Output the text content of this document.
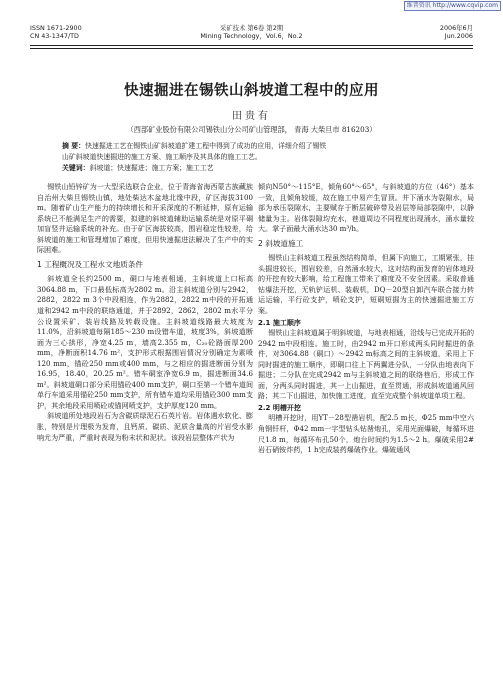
维普资讯 http://www.cqvip.com
ISSN 1671-2900
CN 43-1347/TD
采矿技术 第6卷 第2期
Mining Technology，Vol.6，No.2
2006年6月
Jun.2006
快速掘进在锡铁山斜坡道工程中的应用
田贵有
（西部矿业股份有限公司锡铁山分公司矿山管理部， 青海 大柴旦市 816203）
摘 要：快速掘进工艺在锡铁山矿斜坡道扩建工程中得到了成功的应用，详细介绍了锡铁
山矿斜坡道快速掘进的施工方案、施工顺序及其具体的施工工艺。
关键词：斜坡道；快速掘进；施工方案；施工工艺

锡铁山铅锌矿为一大型采选联合企业，位于青海省海西蒙古族藏族自治州大柴旦锡铁山镇，地处柴达木盆地北缘中段，矿区海拔3100 m。随着矿山生产能力的持续增长和开采深度的不断延伸，原有运输系统已不能满足生产的需要，拟建的斜坡道辅助运输系统是对原平硐加盲竖井运输系统的补充。由于矿区海拔较高，围岩稳定性较差，给斜坡道的施工和管理增加了难度，但用快速掘进法解决了生产中的实际困难。

1 工程概况及工程水文地质条件

斜坡道全长约2500 m，硐口与地表相通，主斜坡道上口标高3064.88 m，下口最低标高为2802 m。沿主斜坡道分别与2942，2882，2822 m 3个中段相连，作为2882，2822 m中段的开拓通道和2942 m中段的联络通道，并于2892，2862，2802 m水平分公设置采矿、装岩线路及转载设施。主斜坡道线路最大坡度为11.0%，沿斜坡道每隔185～230 m设错车道，坡度3%，斜坡道断面为三心拱形，净宽4.25 m，墙高2.355 m，C₂₀砼路面厚200 mm，净断面积14.76 m²，支护形式根据围岩情况分别确定为素喷120 mm，锚砼250 mm或400 mm，与之相应的掘进断面分别为16.95，18.40，20.25 m²。错车硐室净宽6.9 m，掘进断面34.6 m²。斜坡道硐口部分采用锚砼400 mm支护，硐口至第一个错车道间单行车道采用锚砼250 mm支护，所有错车道均采用锚砼300 mm支护，其余地段采用喷砼或锚网喷支护，支护厚度120 mm。

斜坡道所处地段岩石为含碳质绿泥石石英片岩。岩体遇水软化、膨胀，特别是片理极为发育，且钙质、碳质、泥质含量高的片岩受水影响尤为严重，严重时表现为粉末状和泥状。该段岩层整体产状为

倾向N50°～115°E，倾角60°～65°，与斜坡道的方位（46°）基本一致，且倾角较缓，故在施工中易产生冒顶。井下涌水为裂隙水，局部为承压裂隙水，主要赋存于断层破碎带及岩层等局部裂隙中，以静储量为主。岩体裂隙均充水，巷道周边不同程度出现涌水，涌水量较大。掌子面最大涌水达30 m³/h。

2 斜坡道施工

锡铁山主斜坡道工程虽然结构简单，但属下向施工，工期紧张，挂头掘进较长，围岩较差，自然涌水较大，这对结构面发育的岩体地段的开挖有较大影响，给工程施工带来了难度及不安全因素。采取普通钻爆法开挖，无轨铲运机、装载机，DQ－20型自卸汽车联合接力转运运输，平行砼支护，喷砼支护，短硐短掘为主的快速掘进施工方案。

2.1 施工顺序

锡铁山主斜坡道属于明斜坡道，与地表相通，沿线与已完成开拓的2942 m中段相连。施工时，由2942 m开口形成两头同时掘进的条件，对3064.88（硐口）～2942 m标高之间的主斜坡道，采用上下同时掘进的施工顺序，即硐口往上下两翼进分队，一分队由地表向下掘进；二分队在完成2942 m与主斜坡道之间的联络巷后，形成工作面，分两头同时掘进，其一上山掘进，直至贯通，形成斜坡道通风回路；其二下山掘进，加快施工进度，直至完成整个斜坡道单项工程。

2.2 明槽开挖

明槽开挖时，用YT－28型凿岩机，配2.5 m长，Φ25 mm中空六角钢钎杆，Φ42 mm一字型钻头钻凿炮孔，采用光面爆破，每循环进尺1.8 m，每循环布孔50个，炮台时间约为1.5～2 h。爆破采用2#岩石硝铵炸药，1 h完成装药爆破作业。爆破通风
